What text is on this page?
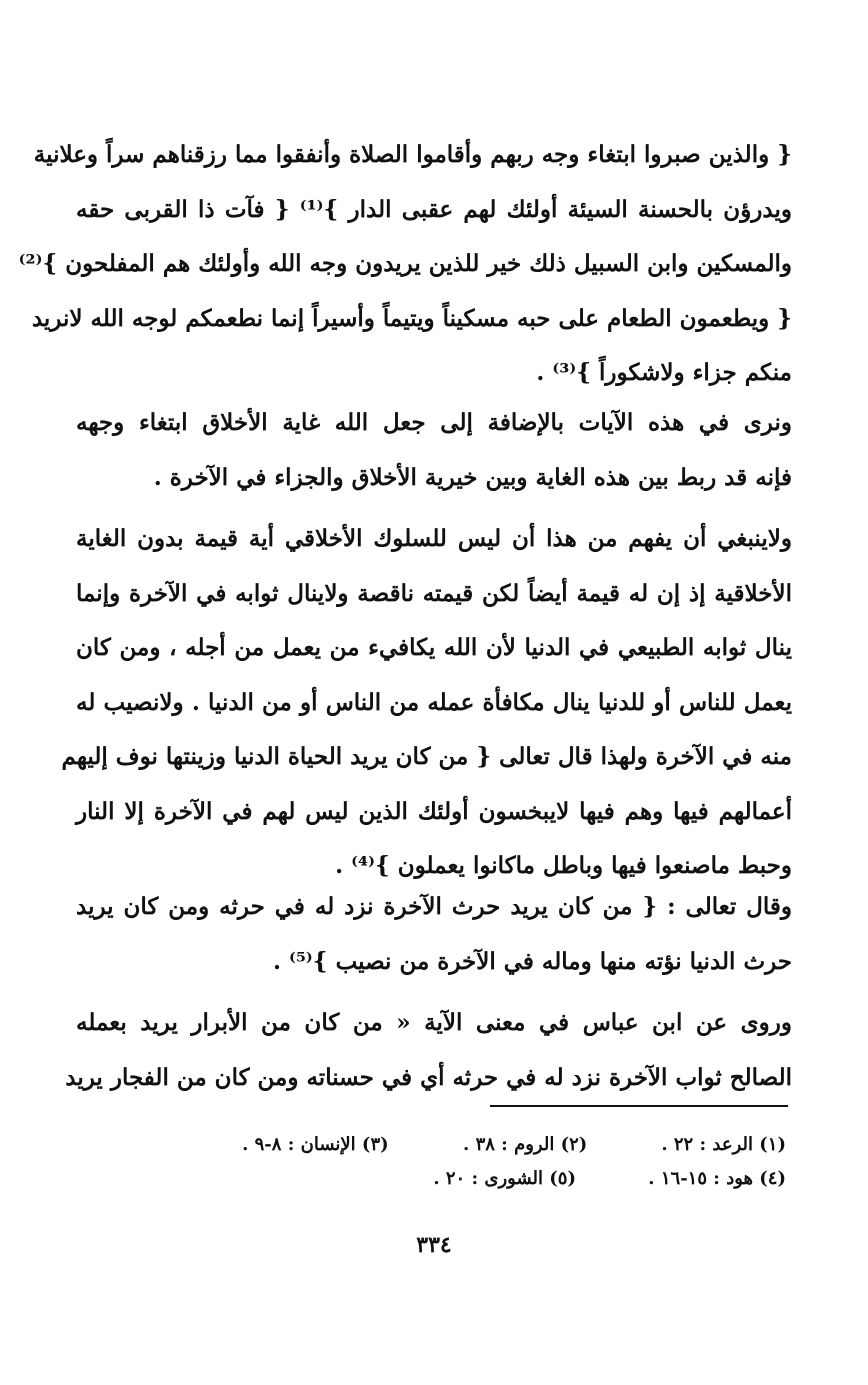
{ والذين صبروا ابتغاء وجه ربهم وأقاموا الصلاة وأنفقوا مما رزقناهم سراً وعلانية
ويدرؤن بالحسنة السيئة أولئك لهم عقبى الدار }⁽¹⁾ { فآت ذا القربى حقه
والمسكين وابن السبيل ذلك خير للذين يريدون وجه الله وأولئك هم المفلحون }⁽²⁾
{ ويطعمون الطعام على حبه مسكيناً ويتيماً وأسيراً إنما نطعمكم لوجه الله لانريد
منكم جزاء ولاشكوراً }⁽³⁾ .
ونرى في هذه الآيات بالإضافة إلى جعل الله غاية الأخلاق ابتغاء وجهه
فإنه قد ربط بين هذه الغاية وبين خيرية الأخلاق والجزاء في الآخرة .
ولاينبغي أن يفهم من هذا أن ليس للسلوك الأخلاقي أية قيمة بدون الغاية
الأخلاقية إذ إن له قيمة أيضاً لكن قيمته ناقصة ولاينال ثوابه في الآخرة وإنما
ينال ثوابه الطبيعي في الدنيا لأن الله يكافيء من يعمل من أجله ، ومن كان
يعمل للناس أو للدنيا ينال مكافأة عمله من الناس أو من الدنيا . ولانصيب له
منه في الآخرة ولهذا قال تعالى { من كان يريد الحياة الدنيا وزينتها نوف إليهم
أعمالهم فيها وهم فيها لايبخسون أولئك الذين ليس لهم في الآخرة إلا النار
وحبط ماصنعوا فيها وباطل ماكانوا يعملون }⁽⁴⁾ .
وقال تعالى : { من كان يريد حرث الآخرة نزد له في حرثه ومن كان يريد
حرث الدنيا نؤته منها وماله في الآخرة من نصيب }⁽⁵⁾ .
وروى عن ابن عباس في معنى الآية « من كان من الأبرار يريد بعمله
الصالح ثواب الآخرة نزد له في حرثه أي في حسناته ومن كان من الفجار يريد
(١) الرعد : ٢٢ .
(٢) الروم : ٣٨ .
(٣) الإنسان : ٨-٩ .
(٤) هود : ١٥-١٦ .
(٥) الشورى : ٢٠ .
٣٣٤
